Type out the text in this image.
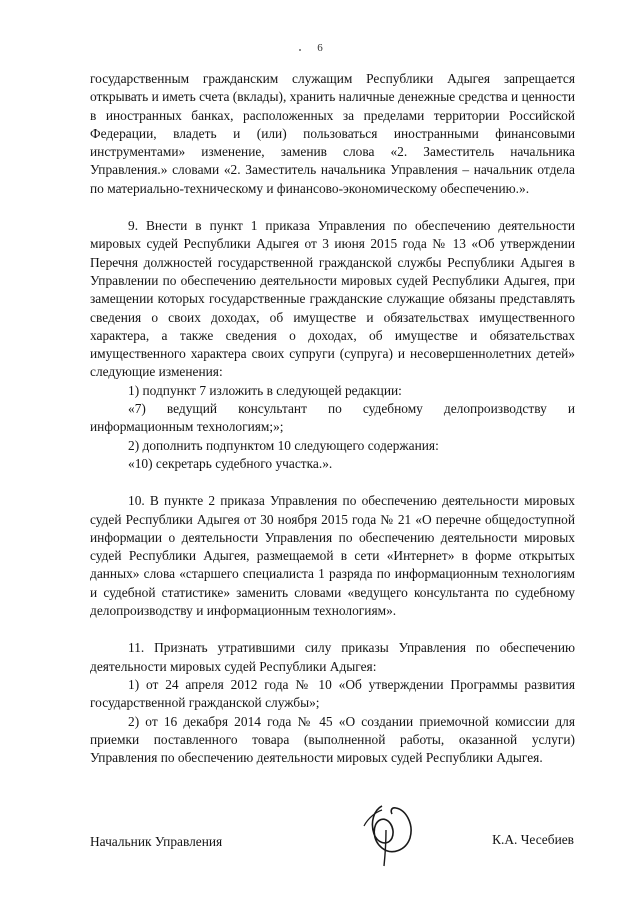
6

государственным гражданским служащим Республики Адыгея запрещается открывать и иметь счета (вклады), хранить наличные денежные средства и ценности в иностранных банках, расположенных за пределами территории Российской Федерации, владеть и (или) пользоваться иностранными финансовыми инструментами» изменение, заменив слова «2. Заместитель начальника Управления.» словами «2. Заместитель начальника Управления – начальник отдела по материально-техническому и финансово-экономическому обеспечению.».

9. Внести в пункт 1 приказа Управления по обеспечению деятельности мировых судей Республики Адыгея от 3 июня 2015 года № 13 «Об утверждении Перечня должностей государственной гражданской службы Республики Адыгея в Управлении по обеспечению деятельности мировых судей Республики Адыгея, при замещении которых государственные гражданские служащие обязаны представлять сведения о своих доходах, об имуществе и обязательствах имущественного характера, а также сведения о доходах, об имуществе и обязательствах имущественного характера своих супруги (супруга) и несовершеннолетних детей» следующие изменения:

1) подпункт 7 изложить в следующей редакции:

«7) ведущий консультант по судебному делопроизводству и информационным технологиям;»;

2) дополнить подпунктом 10 следующего содержания:

«10) секретарь судебного участка.».

10. В пункте 2 приказа Управления по обеспечению деятельности мировых судей Республики Адыгея от 30 ноября 2015 года № 21 «О перечне общедоступной информации о деятельности Управления по обеспечению деятельности мировых судей Республики Адыгея, размещаемой в сети «Интернет» в форме открытых данных» слова «старшего специалиста 1 разряда по информационным технологиям и судебной статистике» заменить словами «ведущего консультанта по судебному делопроизводству и информационным технологиям».

11. Признать утратившими силу приказы Управления по обеспечению деятельности мировых судей Республики Адыгея:

1) от 24 апреля 2012 года № 10 «Об утверждении Программы развития государственной гражданской службы»;

2) от 16 декабря 2014 года № 45 «О создании приемочной комиссии для приемки поставленного товара (выполненной работы, оказанной услуги) Управления по обеспечению деятельности мировых судей Республики Адыгея.

Начальник Управления	К.А. Чесебиев
